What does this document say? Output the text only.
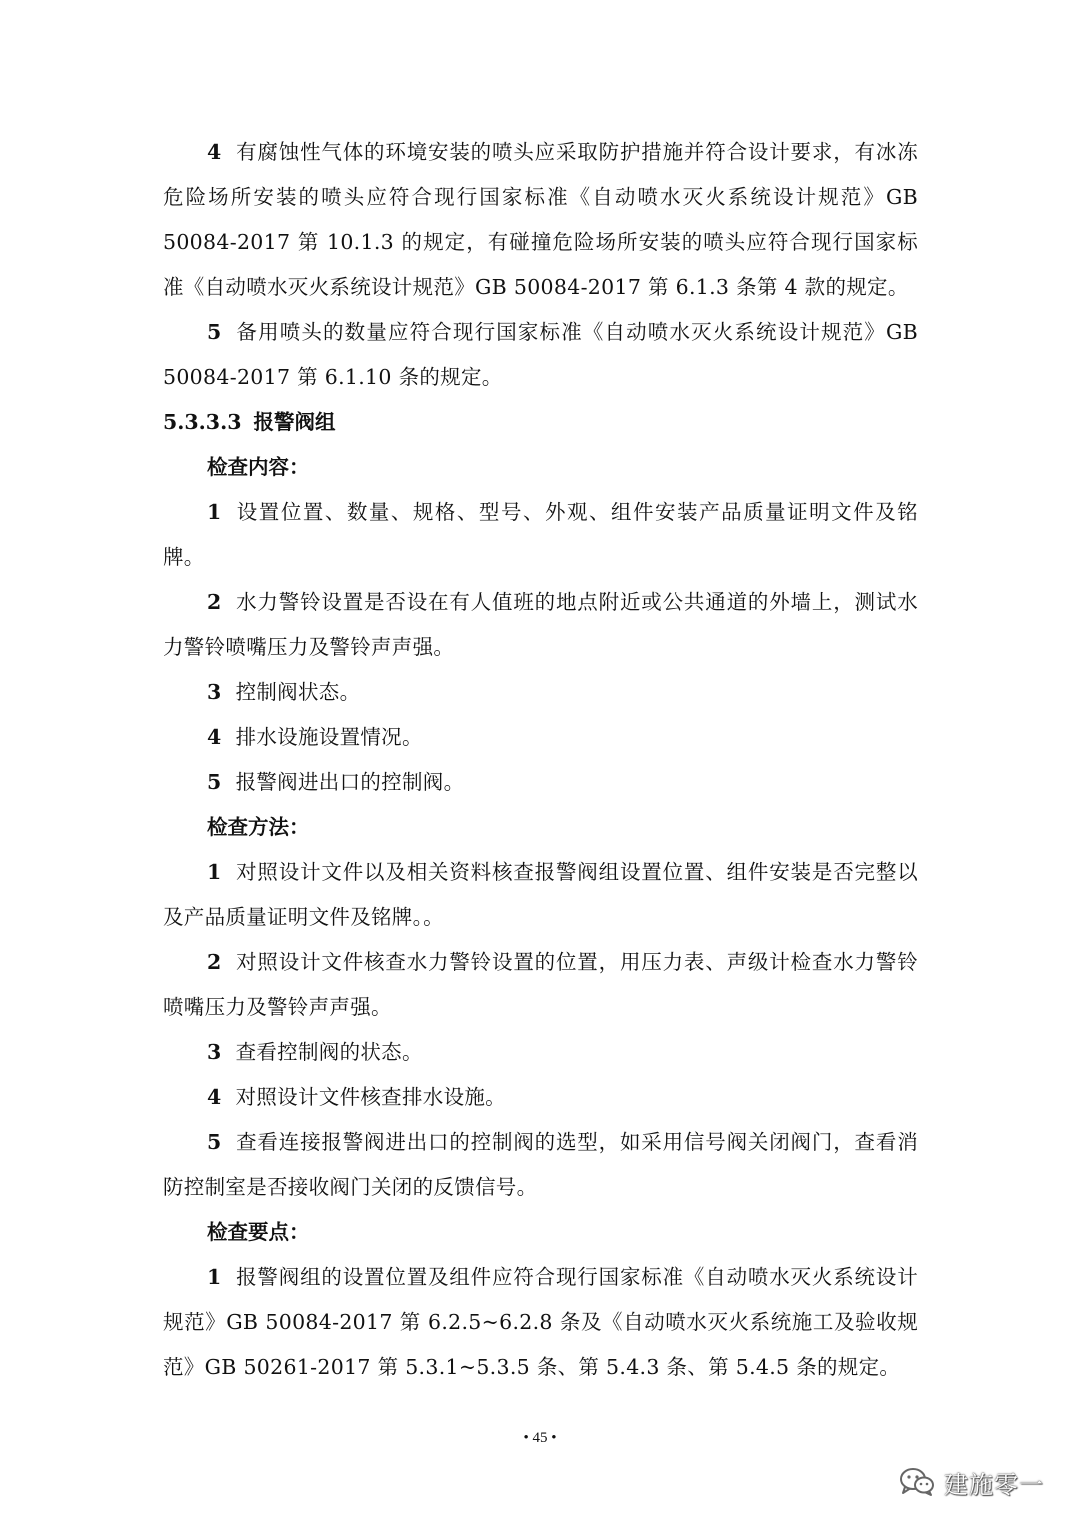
4 有腐蚀性气体的环境安装的喷头应采取防护措施并符合设计要求，有冰冻危险场所安装的喷头应符合现行国家标准《自动喷水灭火系统设计规范》GB 50084-2017 第 10.1.3 的规定，有碰撞危险场所安装的喷头应符合现行国家标准《自动喷水灭火系统设计规范》GB 50084-2017 第 6.1.3 条第 4 款的规定。

5 备用喷头的数量应符合现行国家标准《自动喷水灭火系统设计规范》GB 50084-2017 第 6.1.10 条的规定。

5.3.3.3 报警阀组

检查内容：

1 设置位置、数量、规格、型号、外观、组件安装产品质量证明文件及铭牌。

2 水力警铃设置是否设在有人值班的地点附近或公共通道的外墙上，测试水力警铃喷嘴压力及警铃声声强。

3 控制阀状态。

4 排水设施设置情况。

5 报警阀进出口的控制阀。

检查方法：

1 对照设计文件以及相关资料核查报警阀组设置位置、组件安装是否完整以及产品质量证明文件及铭牌。。

2 对照设计文件核查水力警铃设置的位置，用压力表、声级计检查水力警铃喷嘴压力及警铃声声强。

3 查看控制阀的状态。

4 对照设计文件核查排水设施。

5 查看连接报警阀进出口的控制阀的选型，如采用信号阀关闭阀门，查看消防控制室是否接收阀门关闭的反馈信号。

检查要点：

1 报警阀组的设置位置及组件应符合现行国家标准《自动喷水灭火系统设计规范》GB 50084-2017 第 6.2.5~6.2.8 条及《自动喷水灭火系统施工及验收规范》GB 50261-2017 第 5.3.1~5.3.5 条、第 5.4.3 条、第 5.4.5 条的规定。

• 45 •
建施零一
